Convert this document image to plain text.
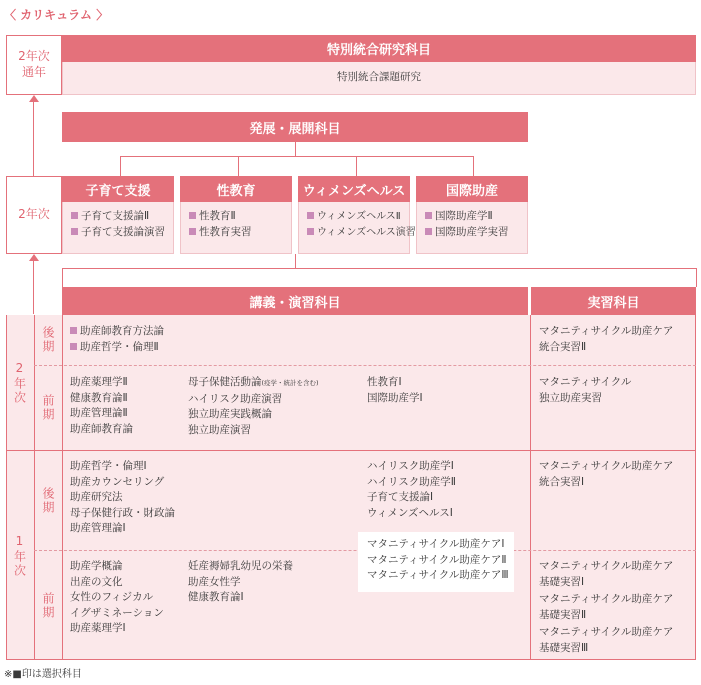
〈 カリキュラム 〉
2年次 通年
2年次
特別統合研究科目
特別統合課題研究
発展・展開科目
子育て支援
子育て支援論Ⅱ
子育て支援論演習
性教育
性教育Ⅱ
性教育実習
ウィメンズヘルス
ウィメンズヘルスⅡ
ウィメンズヘルス演習
国際助産
国際助産学Ⅱ
国際助産学実習
講義・演習科目	実習科目
2年次
1年次
後期
前期
後期
前期
助産師教育方法論
助産哲学・倫理Ⅱ
マタニティサイクル助産ケア
統合実習Ⅱ
助産薬理学Ⅱ
健康教育論Ⅱ
助産管理論Ⅱ
助産師教育論
母子保健活動論(疫学・統計を含む)
ハイリスク助産演習
独立助産実践概論
独立助産演習
性教育Ⅰ
国際助産学Ⅰ
マタニティサイクル
独立助産実習
助産哲学・倫理Ⅰ
助産カウンセリング
助産研究法
母子保健行政・財政論
助産管理論Ⅰ
ハイリスク助産学Ⅰ
ハイリスク助産学Ⅱ
子育て支援論Ⅰ
ウィメンズヘルスⅠ
マタニティサイクル助産ケア
統合実習Ⅰ
マタニティサイクル助産ケアⅠ
マタニティサイクル助産ケアⅡ
マタニティサイクル助産ケアⅢ
助産学概論
出産の文化
女性のフィジカル
イグザミネーション
助産薬理学Ⅰ
妊産褥婦乳幼児の栄養
助産女性学
健康教育論Ⅰ
マタニティサイクル助産ケア
基礎実習Ⅰ
マタニティサイクル助産ケア
基礎実習Ⅱ
マタニティサイクル助産ケア
基礎実習Ⅲ
※■印は選択科目
